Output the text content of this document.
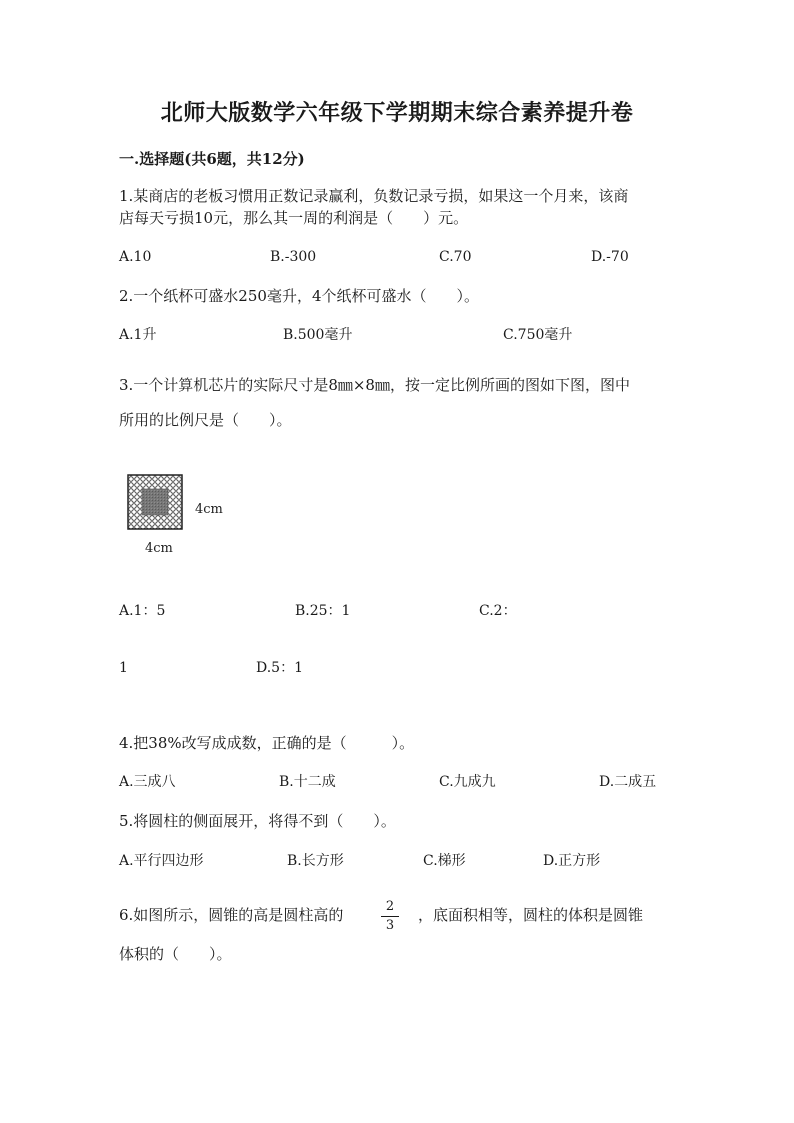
北师大版数学六年级下学期期末综合素养提升卷
一.选择题(共6题，共12分)
1.某商店的老板习惯用正数记录赢利，负数记录亏损，如果这一个月来，该商
店每天亏损10元，那么其一周的利润是（　　）元。
A.10	B.-300	C.70	D.-70
2.一个纸杯可盛水250毫升，4个纸杯可盛水（　　）。
A.1升	B.500毫升	C.750毫升
3.一个计算机芯片的实际尺寸是8㎜×8㎜，按一定比例所画的图如下图，图中
所用的比例尺是（　　）。
4cm
4cm
A.1：5	B.25：1	C.2：
1	D.5：1
4.把38%改写成成数，正确的是（　　　）。
A.三成八	B.十二成	C.九成九	D.二成五
5.将圆柱的侧面展开，将得不到（　　）。
A.平行四边形	B.长方形	C.梯形	D.正方形
6.如图所示，圆锥的高是圆柱高的	2
3
，底面积相等，圆柱的体积是圆锥
体积的（　　）。
